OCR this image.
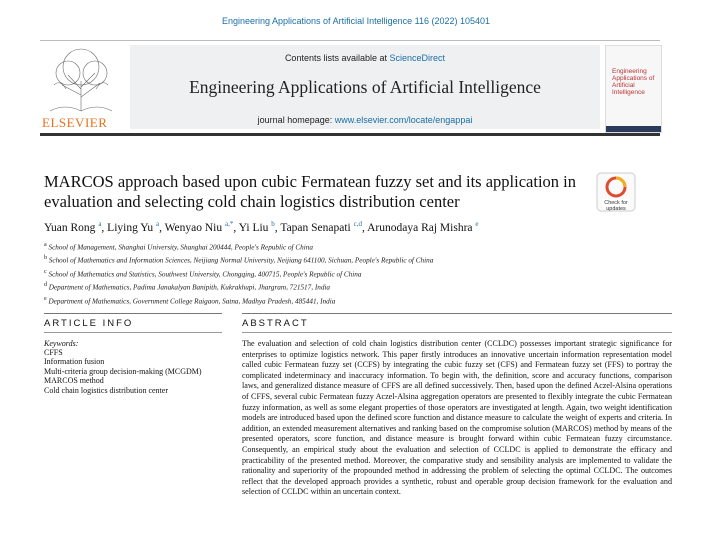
Engineering Applications of Artificial Intelligence 116 (2022) 105401
ELSEVIER
Contents lists available at ScienceDirect
Engineering Applications of Artificial Intelligence
journal homepage: www.elsevier.com/locate/engappai
Engineering Applications of Artificial Intelligence
MARCOS approach based upon cubic Fermatean fuzzy set and its application in evaluation and selecting cold chain logistics distribution center	Check for updates
Yuan Rong $^a$, Liying Yu $^a$, Wenyao Niu $^{a,*}$, Yi Liu $^b$, Tapan Senapati $^{c,d}$, Arunodaya Raj Mishra $^e$
$^a$ School of Management, Shanghai University, Shanghai 200444, People's Republic of China
$^b$ School of Mathematics and Information Sciences, Neijiang Normal University, Neijiang 641100, Sichuan, People's Republic of China
$^c$ School of Mathematics and Statistics, Southwest University, Chongqing, 400715, People's Republic of China
$^d$ Department of Mathematics, Padima Janakalyan Banipith, Kukrakhupi, Jhargram, 721517, India
$^e$ Department of Mathematics, Government College Raigaon, Satna, Madhya Pradesh, 485441, India
ARTICLE INFO	ABSTRACT
Keywords:
CFFS
Information fusion
Multi-criteria group decision-making (MCGDM)
MARCOS method
Cold chain logistics distribution center
The evaluation and selection of cold chain logistics distribution center (CCLDC) possesses important strategic significance for enterprises to optimize logistics network. This paper firstly introduces an innovative uncertain information representation model called cubic Fermatean fuzzy set (CCFS) by integrating the cubic fuzzy set (CFS) and Fermatean fuzzy set (FFS) to portray the complicated indeterminacy and inaccuracy information. To begin with, the definition, score and accuracy functions, comparison laws, and generalized distance measure of CFFS are all defined successively. Then, based upon the defined Aczel-Alsina operations of CFFS, several cubic Fermatean fuzzy Aczel-Alsina aggregation operators are presented to flexibly integrate the cubic Fermatean fuzzy information, as well as some elegant properties of those operators are investigated at length. Again, two weight identification models are introduced based upon the defined score function and distance measure to calculate the weight of experts and criteria. In addition, an extended measurement alternatives and ranking based on the compromise solution (MARCOS) method by means of the presented operators, score function, and distance measure is brought forward within cubic Fermatean fuzzy circumstance. Consequently, an empirical study about the evaluation and selection of CCLDC is applied to demonstrate the efficacy and practicability of the presented method. Moreover, the comparative study and sensibility analysis are implemented to validate the rationality and superiority of the propounded method in addressing the problem of selecting the optimal CCLDC. The outcomes reflect that the developed approach provides a synthetic, robust and operable group decision framework for the evaluation and selection of CCLDC within an uncertain context.
